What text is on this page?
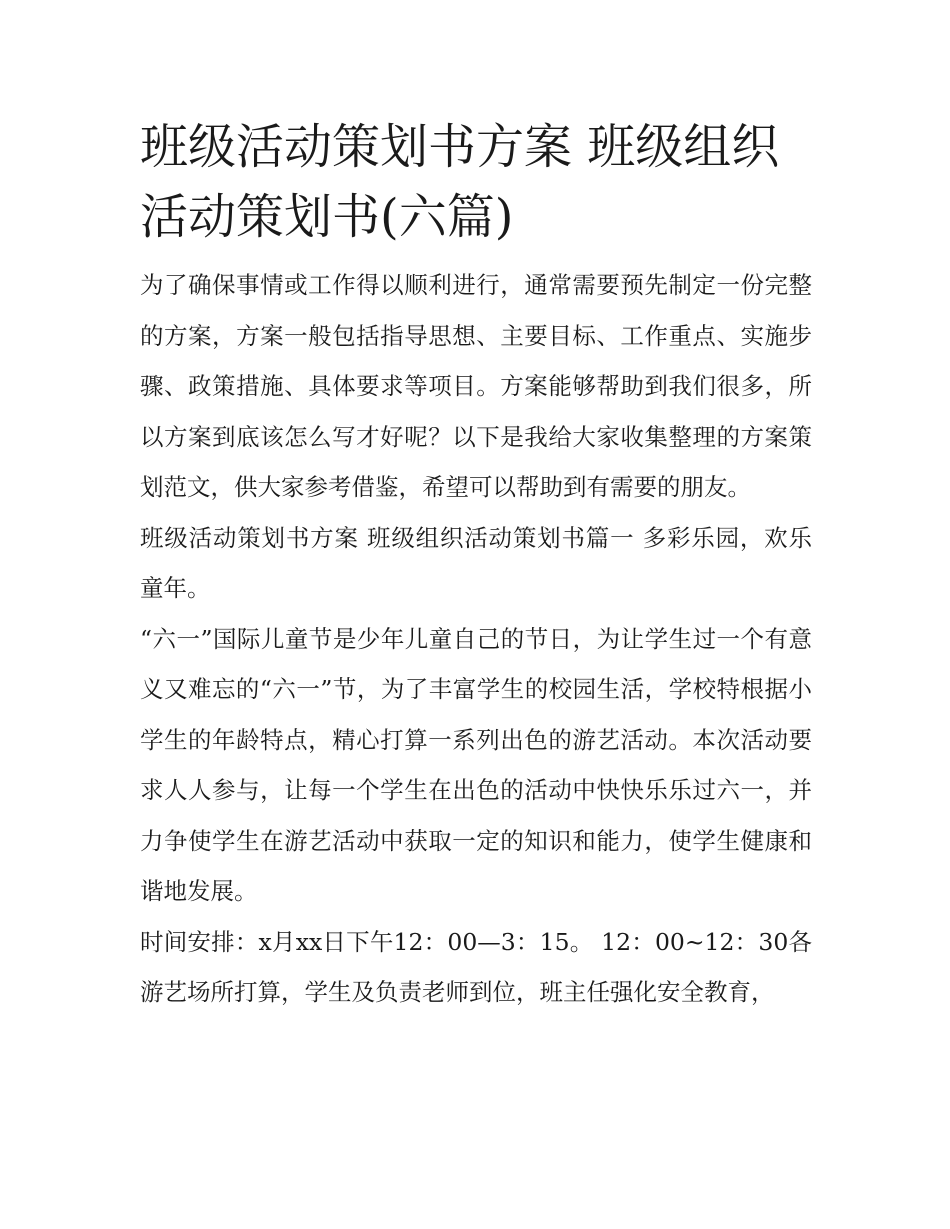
班级活动策划书方案 班级组织活动策划书(六篇)

为了确保事情或工作得以顺利进行，通常需要预先制定一份完整的方案，方案一般包括指导思想、主要目标、工作重点、实施步骤、政策措施、具体要求等项目。方案能够帮助到我们很多，所以方案到底该怎么写才好呢？以下是我给大家收集整理的方案策划范文，供大家参考借鉴，希望可以帮助到有需要的朋友。

班级活动策划书方案 班级组织活动策划书篇一 多彩乐园，欢乐童年。

“六一”国际儿童节是少年儿童自己的节日，为让学生过一个有意义又难忘的“六一”节，为了丰富学生的校园生活，学校特根据小学生的年龄特点，精心打算一系列出色的游艺活动。本次活动要求人人参与，让每一个学生在出色的活动中快快乐乐过六一，并力争使学生在游艺活动中获取一定的知识和能力，使学生健康和谐地发展。

时间安排：x月xx日下午12：00—3：15。 12：00~12：30各游艺场所打算，学生及负责老师到位，班主任强化安全教育，
